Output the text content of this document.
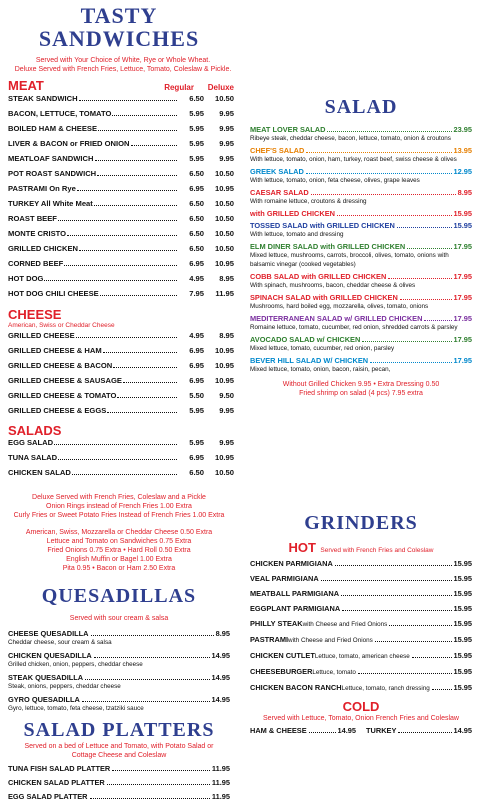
TASTY
SANDWICHES
Served with Your Choice of White, Rye or Whole Wheat.
Deluxe Served with French Fries, Lettuce, Tomato, Coleslaw & Pickle.
MEAT	Regular	Deluxe
STEAK SANDWICH	6.50	10.50
BACON, LETTUCE, TOMATO	5.95	9.95
BOILED HAM & CHEESE	5.95	9.95
LIVER & BACON or FRIED ONION	5.95	9.95
MEATLOAF SANDWICH	5.95	9.95
POT ROAST SANDWICH	6.50	10.50
PASTRAMI On Rye	6.95	10.95
TURKEY All White Meat	6.50	10.50
ROAST BEEF	6.50	10.50
MONTE CRISTO	6.50	10.50
GRILLED CHICKEN	6.50	10.50
CORNED BEEF	6.95	10.95
HOT DOG	4.95	8.95
HOT DOG CHILI CHEESE	7.95	11.95
CHEESE
American, Swiss or Cheddar Cheese
GRILLED CHEESE	4.95	8.95
GRILLED CHEESE & HAM	6.95	10.95
GRILLED CHEESE & BACON	6.95	10.95
GRILLED CHEESE & SAUSAGE	6.95	10.95
GRILLED CHEESE & TOMATO	5.50	9.50
GRILLED CHEESE & EGGS	5.95	9.95
SALADS
EGG SALAD	5.95	9.95
TUNA SALAD	6.95	10.95
CHICKEN SALAD	6.50	10.50
Deluxe Served with French Fries, Coleslaw and a Pickle
Onion Rings instead of French Fries 1.00 Extra
Curly Fries or Sweet Potato Fries Instead of French Fries 1.00 Extra
American, Swiss, Mozzarella or Cheddar Cheese 0.50 Extra
Lettuce and Tomato on Sandwiches 0.75 Extra
Fried Onions 0.75 Extra • Hard Roll 0.50 Extra
English Muffin or Bagel 1.00 Extra
Pita 0.95 • Bacon or Ham 2.50 Extra
QUESADILLAS
Served with sour cream & salsa
CHEESE QUESADILLA	8.95
Cheddar cheese, sour cream & salsa
CHICKEN QUESADILLA	14.95
Grilled chicken, onion, peppers, cheddar cheese
STEAK QUESADILLA	14.95
Steak, onions, peppers, cheddar cheese
GYRO QUESADILLA	14.95
Gyro, lettuce, tomato, feta cheese, tzatziki sauce
SALAD PLATTERS
Served on a bed of Lettuce and Tomato, with Potato Salad or Cottage Cheese and Coleslaw
TUNA FISH SALAD PLATTER	11.95
CHICKEN SALAD PLATTER	11.95
EGG SALAD PLATTER	11.95
SALAD
MEAT LOVER SALAD	23.95
Ribeye steak, cheddar cheese, bacon, lettuce, tomato, onion & croutons
CHEF'S SALAD	13.95
With lettuce, tomato, onion, ham, turkey, roast beef, swiss cheese & olives
GREEK SALAD	12.95
With lettuce, tomato, onion, feta cheese, olives, grape leaves
CAESAR SALAD	8.95
With romaine lettuce, croutons & dressing
with GRILLED CHICKEN	15.95
TOSSED SALAD with GRILLED CHICKEN	15.95
With lettuce, tomato and dressing
ELM DINER SALAD with GRILLED CHICKEN	17.95
Mixed lettuce, mushrooms, carrots, broccoli, olives, tomato, onions with balsamic vinegar (cooked vegetables)
COBB SALAD with GRILLED CHICKEN	17.95
With spinach, mushrooms, bacon, cheddar cheese & olives
SPINACH SALAD with GRILLED CHICKEN	17.95
Mushrooms, hard boiled egg, mozzarella, olives, tomato, onions
MEDITERRANEAN SALAD w/ GRILLED CHICKEN	17.95
Romaine lettuce, tomato, cucumber, red onion, shredded carrots & parsley
AVOCADO SALAD w/ CHICKEN	17.95
Mixed lettuce, tomato, cucumber, red onion, parsley
BEVER HILL SALAD W/ CHICKEN	17.95
Mixed lettuce, tomato, onion, bacon, raisin, pecan,
Without Grilled Chicken 9.95 • Extra Dressing 0.50
Fried shrimp on salad (4 pcs) 7.95 extra
GRINDERS
HOT Served with French Fries and Coleslaw
CHICKEN PARMIGIANA	15.95
VEAL PARMIGIANA	15.95
MEATBALL PARMIGIANA	15.95
EGGPLANT PARMIGIANA	15.95
PHILLY STEAK with Cheese and Fried Onions	15.95
PASTRAMI with Cheese and Fried Onions	15.95
CHICKEN CUTLET Lettuce, tomato, american cheese	15.95
CHEESEBURGER Lettuce, tomato	15.95
CHICKEN BACON RANCH Lettuce, tomato, ranch dressing	15.95
COLD
Served with Lettuce, Tomato, Onion French Fries and Coleslaw
HAM & CHEESE	14.95 TURKEY	14.95
